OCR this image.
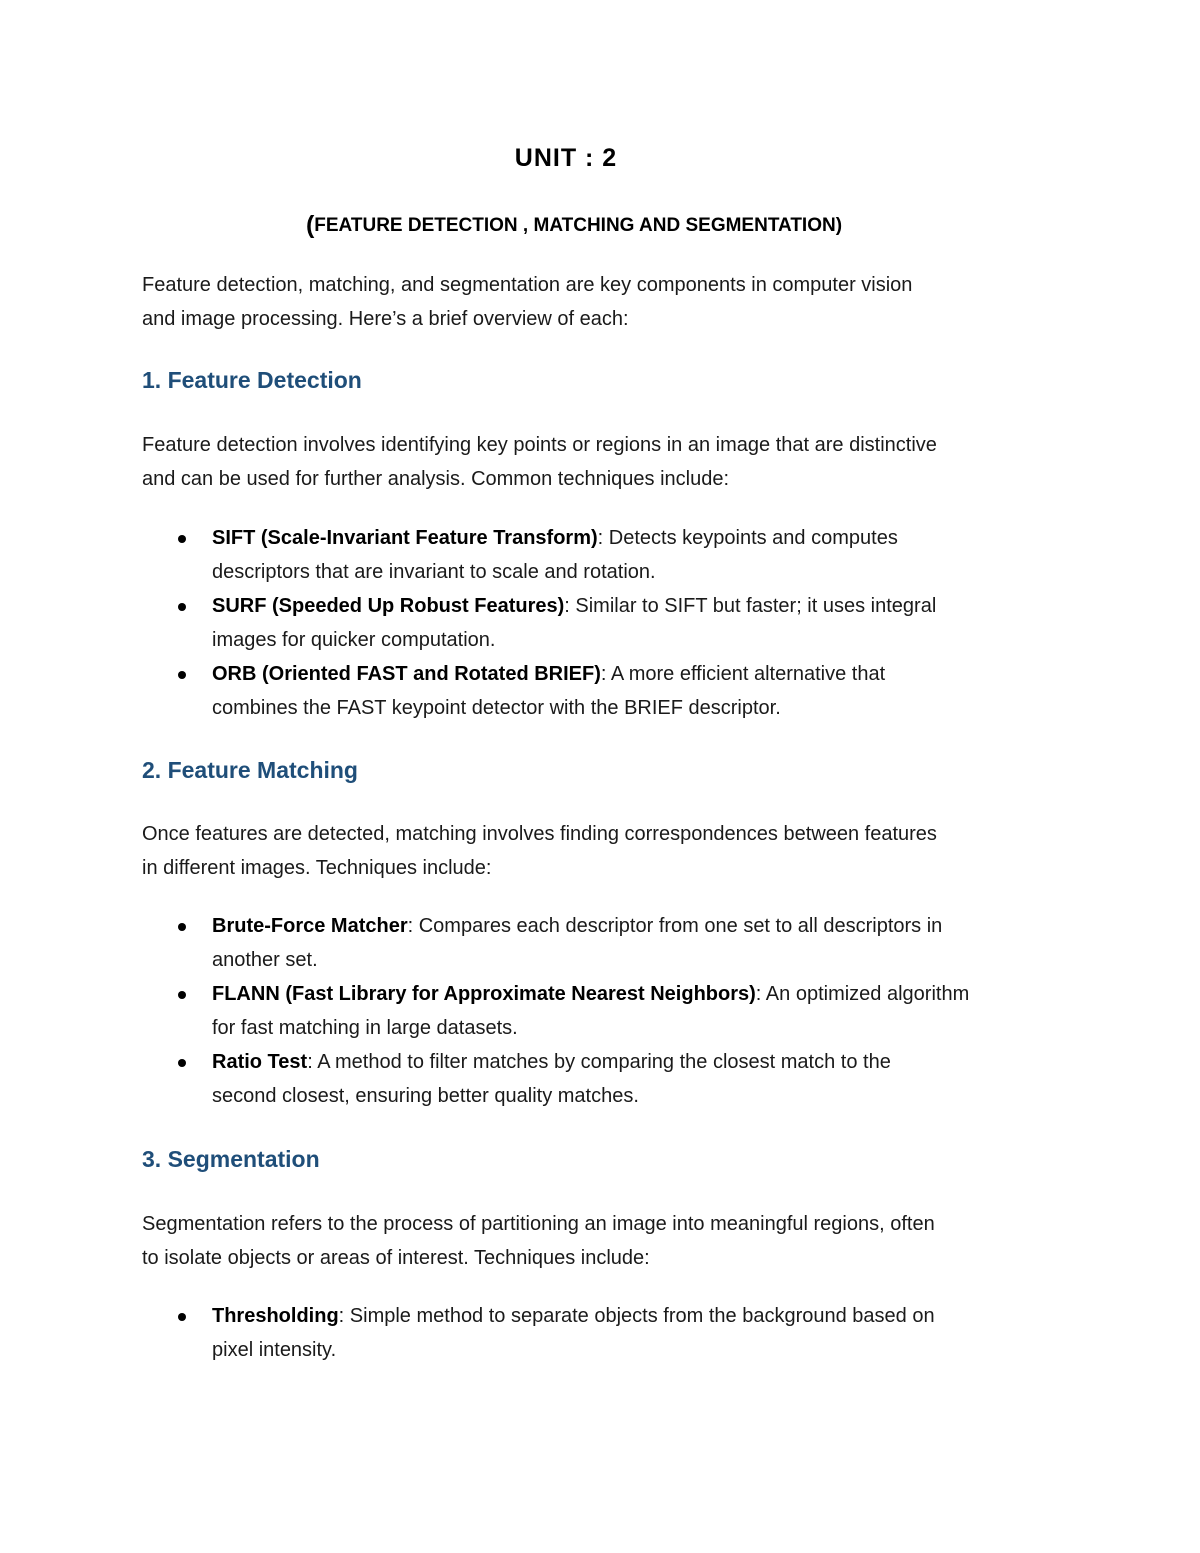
UNIT : 2
(FEATURE DETECTION , MATCHING AND SEGMENTATION)
Feature detection, matching, and segmentation are key components in computer vision
and image processing. Here’s a brief overview of each:
1. Feature Detection
Feature detection involves identifying key points or regions in an image that are distinctive
and can be used for further analysis. Common techniques include:
SIFT (Scale-Invariant Feature Transform): Detects keypoints and computes
descriptors that are invariant to scale and rotation.
SURF (Speeded Up Robust Features): Similar to SIFT but faster; it uses integral
images for quicker computation.
ORB (Oriented FAST and Rotated BRIEF): A more efficient alternative that
combines the FAST keypoint detector with the BRIEF descriptor.
2. Feature Matching
Once features are detected, matching involves finding correspondences between features
in different images. Techniques include:
Brute-Force Matcher: Compares each descriptor from one set to all descriptors in
another set.
FLANN (Fast Library for Approximate Nearest Neighbors): An optimized algorithm
for fast matching in large datasets.
Ratio Test: A method to filter matches by comparing the closest match to the
second closest, ensuring better quality matches.
3. Segmentation
Segmentation refers to the process of partitioning an image into meaningful regions, often
to isolate objects or areas of interest. Techniques include:
Thresholding: Simple method to separate objects from the background based on
pixel intensity.
